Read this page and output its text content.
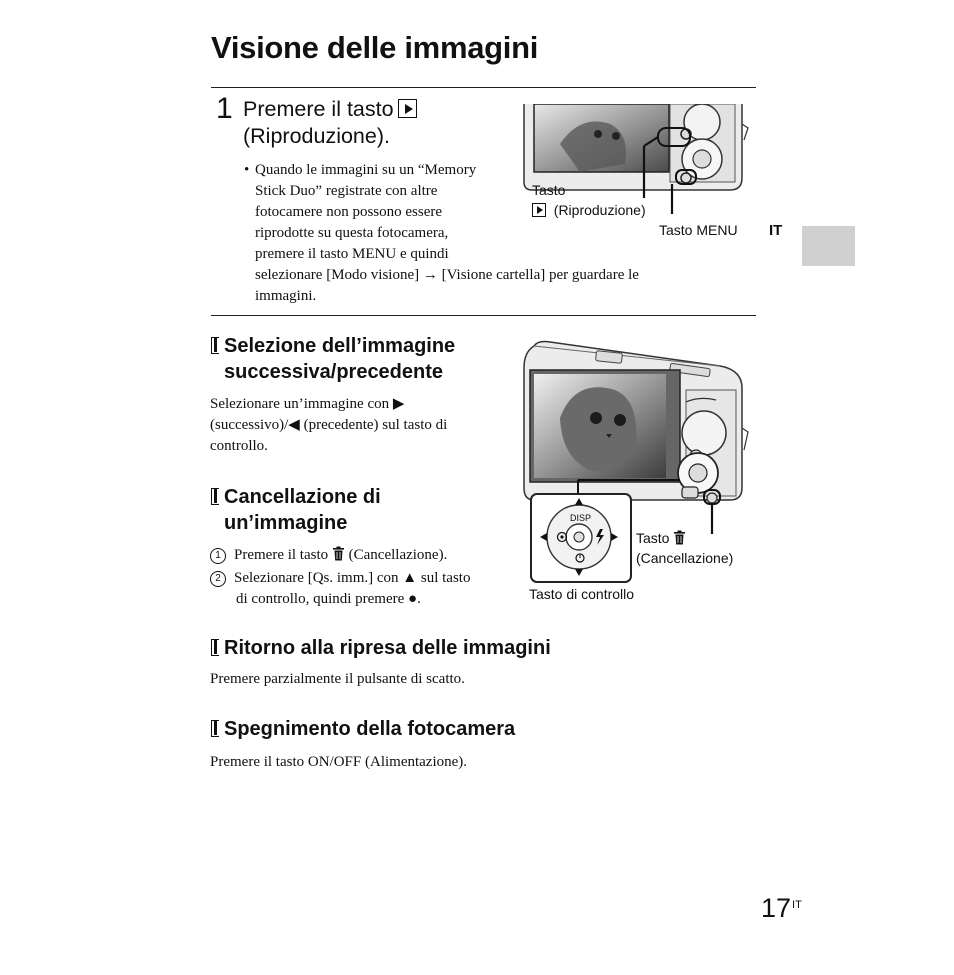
Visione delle immagini
1 Premere il tasto
(Riproduzione).
• Quando le immagini su un “Memory
Stick Duo” registrate con altre
fotocamere non possono essere
riprodotte su questa fotocamera,
premere il tasto MENU e quindi
selezionare [Modo visione] → [Visione cartella] per guardare le
immagini.
Tasto
(Riproduzione)
Tasto MENU IT
Selezione dell’immagine
successiva/precedente
Selezionare un’immagine con ▶
(successivo)/◀ (precedente) sul tasto di
controllo.
Cancellazione di
un’immagine
1 Premere il tasto (Cancellazione).
2 Selezionare [Qs. imm.] con ▲ sul tasto
di controllo, quindi premere ●.
DISP
Tasto
(Cancellazione)
Tasto di controllo
Ritorno alla ripresa delle immagini
Premere parzialmente il pulsante di scatto.
Spegnimento della fotocamera
Premere il tasto ON/OFF (Alimentazione).
$17^{IT}$
